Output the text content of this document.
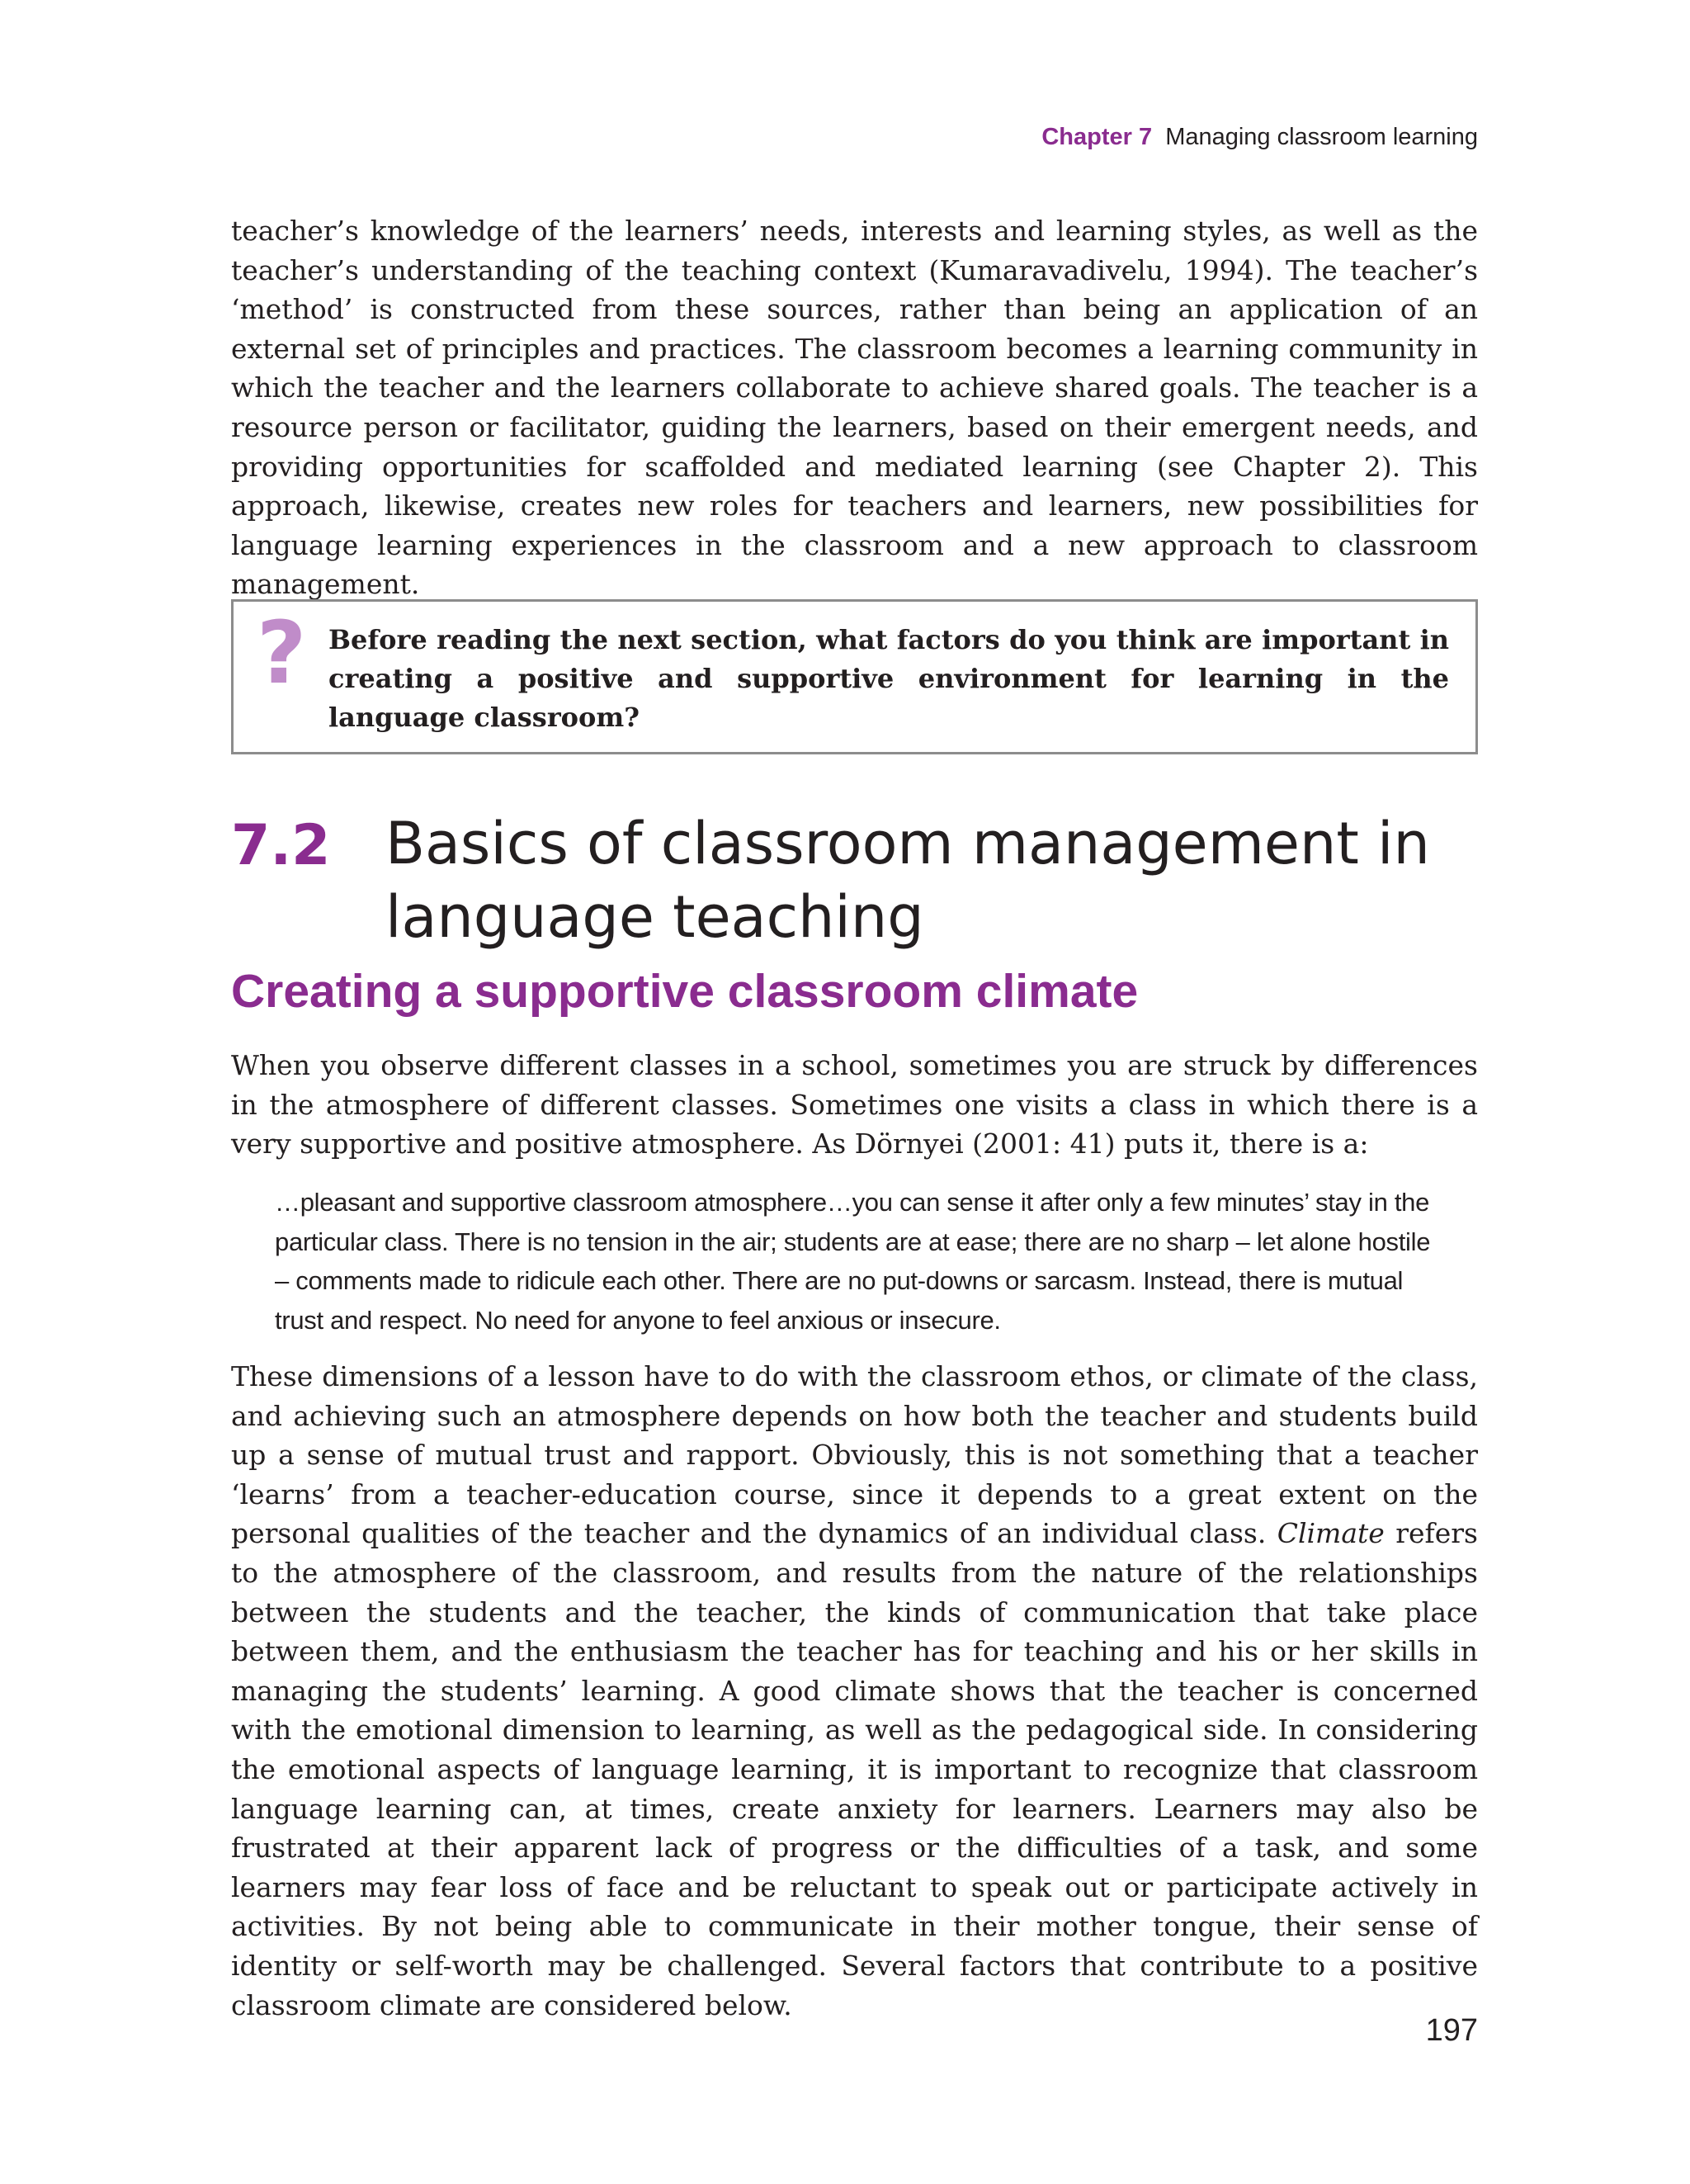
Chapter 7 Managing classroom learning

teacher’s knowledge of the learners’ needs, interests and learning styles, as well as the teacher’s understanding of the teaching context (Kumaravadivelu, 1994). The teacher’s ‘method’ is constructed from these sources, rather than being an application of an external set of principles and practices. The classroom becomes a learning community in which the teacher and the learners collaborate to achieve shared goals. The teacher is a resource person or facilitator, guiding the learners, based on their emergent needs, and providing opportunities for scaffolded and mediated learning (see Chapter 2). This approach, likewise, creates new roles for teachers and learners, new possibilities for language learning experiences in the classroom and a new approach to classroom management.

? Before reading the next section, what factors do you think are important in creating a positive and supportive environment for learning in the language classroom?

7.2 Basics of classroom management in language teaching
Creating a supportive classroom climate

When you observe different classes in a school, sometimes you are struck by differences in the atmosphere of different classes. Sometimes one visits a class in which there is a very supportive and positive atmosphere. As Dörnyei (2001: 41) puts it, there is a:

…pleasant and supportive classroom atmosphere…you can sense it after only a few minutes’ stay in the particular class. There is no tension in the air; students are at ease; there are no sharp – let alone hostile – comments made to ridicule each other. There are no put-downs or sarcasm. Instead, there is mutual trust and respect. No need for anyone to feel anxious or insecure.

These dimensions of a lesson have to do with the classroom ethos, or climate of the class, and achieving such an atmosphere depends on how both the teacher and students build up a sense of mutual trust and rapport. Obviously, this is not something that a teacher ‘learns’ from a teacher-education course, since it depends to a great extent on the personal qualities of the teacher and the dynamics of an individual class. Climate refers to the atmosphere of the classroom, and results from the nature of the relationships between the students and the teacher, the kinds of communication that take place between them, and the enthusiasm the teacher has for teaching and his or her skills in managing the students’ learning. A good climate shows that the teacher is concerned with the emotional dimension to learning, as well as the pedagogical side. In considering the emotional aspects of language learning, it is important to recognize that classroom language learning can, at times, create anxiety for learners. Learners may also be frustrated at their apparent lack of progress or the difficulties of a task, and some learners may fear loss of face and be reluctant to speak out or participate actively in activities. By not being able to communicate in their mother tongue, their sense of identity or self-worth may be challenged. Several factors that contribute to a positive classroom climate are considered below.

197
